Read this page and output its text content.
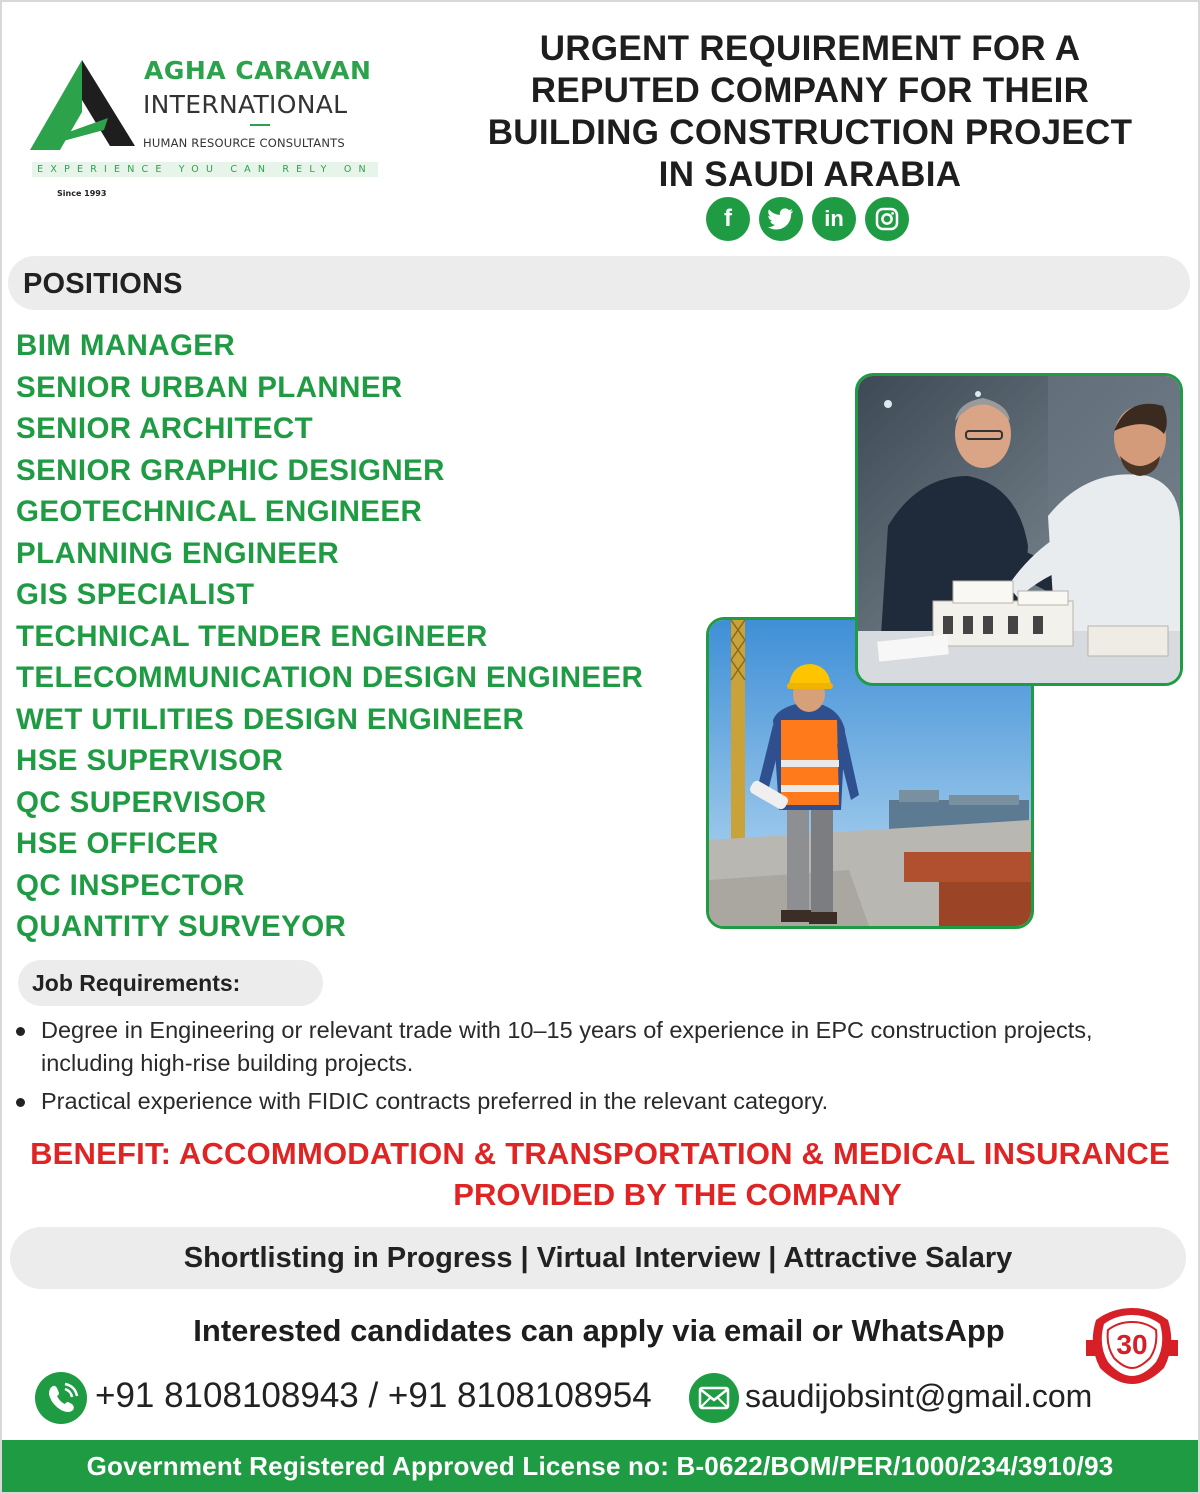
Since 1993
AGHA CARAVAN
INTERNATIONAL
HUMAN RESOURCE CONSULTANTS
EXPERIENCE YOU CAN RELY ON
URGENT REQUIREMENT FOR A
REPUTED COMPANY FOR THEIR
BUILDING CONSTRUCTION PROJECT
IN SAUDI ARABIA
f	in
POSITIONS
BIM MANAGER
SENIOR URBAN PLANNER
SENIOR ARCHITECT
SENIOR GRAPHIC DESIGNER
GEOTECHNICAL ENGINEER
PLANNING ENGINEER
GIS SPECIALIST
TECHNICAL TENDER ENGINEER
TELECOMMUNICATION DESIGN ENGINEER
WET UTILITIES DESIGN ENGINEER
HSE SUPERVISOR
QC SUPERVISOR
HSE OFFICER
QC INSPECTOR
QUANTITY SURVEYOR
Job Requirements:
Degree in Engineering or relevant trade with 10–15 years of experience in EPC construction projects, including high-rise building projects.
Practical experience with FIDIC contracts preferred in the relevant category.
BENEFIT: ACCOMMODATION & TRANSPORTATION & MEDICAL INSURANCE
PROVIDED BY THE COMPANY
Shortlisting in Progress | Virtual Interview | Attractive Salary
Interested candidates can apply via email or WhatsApp	30
+91 8108108943 / +91 8108108954	saudijobsint@gmail.com
Government Registered Approved License no: B-0622/BOM/PER/1000/234/3910/93
